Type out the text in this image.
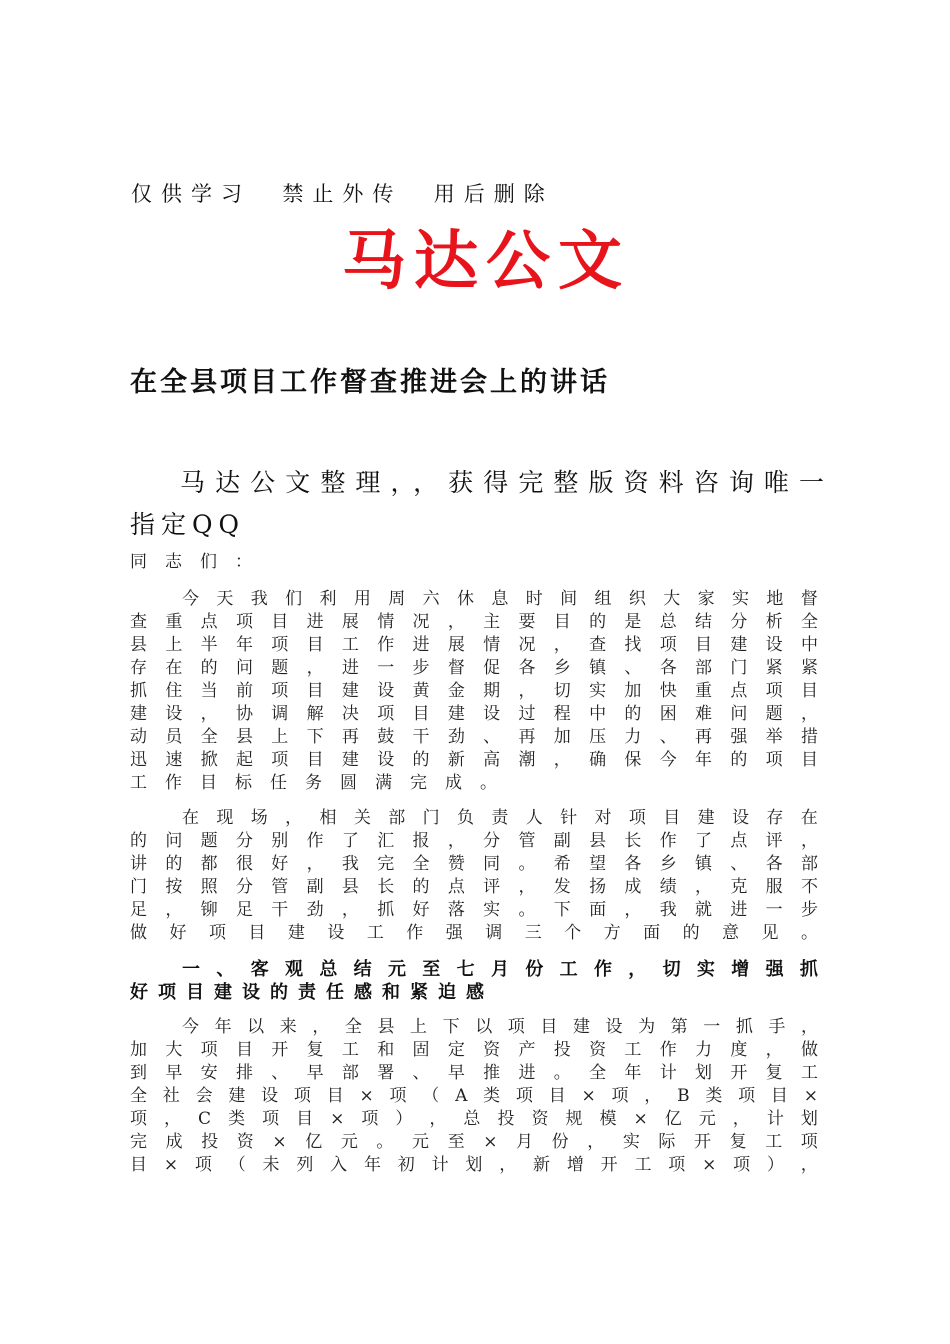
仅供学习  禁止外传  用后删除
马达公文
在全县项目工作督查推进会上的讲话
马达公文整理，，获得完整版资料咨询唯一
指定QQ
同志们：
今 天 我 们 利 用 周 六 休 息 时 间 组 织 大 家 实 地 督
查 重 点 项 目 进 展 情 况 ， 主 要 目 的 是 总 结 分 析 全
县 上 半 年 项 目 工 作 进 展 情 况 ， 查 找 项 目 建 设 中
存 在 的 问 题 ， 进 一 步 督 促 各 乡 镇 、 各 部 门 紧 紧
抓 住 当 前 项 目 建 设 黄 金 期 ， 切 实 加 快 重 点 项 目
建 设 ， 协 调 解 决 项 目 建 设 过 程 中 的 困 难 问 题 ，
动 员 全 县 上 下 再 鼓 干 劲 、 再 加 压 力 、 再 强 举 措
迅 速 掀 起 项 目 建 设 的 新 高 潮 ， 确 保 今 年 的 项 目
工作目标任务圆满完成。
在 现 场 ， 相 关 部 门 负 责 人 针 对 项 目 建 设 存 在
的 问 题 分 别 作 了 汇 报 ， 分 管 副 县 长 作 了 点 评 ，
讲 的 都 很 好 ， 我 完 全 赞 同 。 希 望 各 乡 镇 、 各 部
门 按 照 分 管 副 县 长 的 点 评 ， 发 扬 成 绩 ， 克 服 不
足 ， 铆 足 干 劲 ， 抓 好 落 实 。 下 面 ， 我 就 进 一 步
做 好 项 目 建 设 工 作 强 调 三 个 方 面 的 意 见 。
一 、 客 观 总 结 元 至 七 月 份 工 作 ， 切 实 增 强 抓
好项目建设的责任感和紧迫感
今 年 以 来 ， 全 县 上 下 以 项 目 建 设 为 第 一 抓 手 ，
加 大 项 目 开 复 工 和 固 定 资 产 投 资 工 作 力 度 ， 做
到 早 安 排 、 早 部 署 、 早 推 进 。 全 年 计 划 开 复 工
全 社 会 建 设 项 目 × 项 （ A 类 项 目 × 项 ， B 类 项 目 ×
项 ， C 类 项 目 × 项 ） ， 总 投 资 规 模 × 亿 元 ， 计 划
完 成 投 资 × 亿 元 。 元 至 × 月 份 ， 实 际 开 复 工 项
目 × 项 （ 未 列 入 年 初 计 划 ， 新 增 开 工 项 × 项 ） ，
